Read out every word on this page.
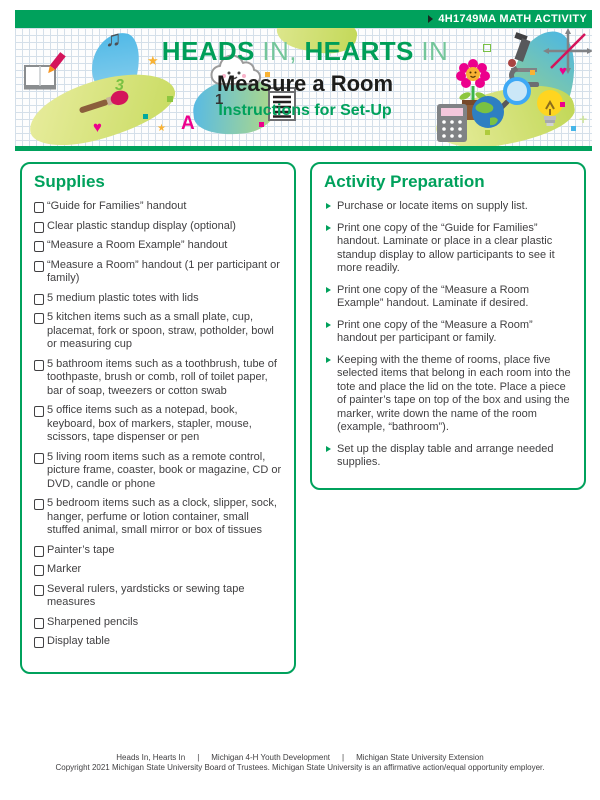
4H1749MA MATH ACTIVITY
♫
★
3
1
A
♥	★
♥
+
HEADS IN, HEARTS IN
Measure a Room
Instructions for Set-Up
Supplies
“Guide for Families” handout
Clear plastic standup display (optional)
“Measure a Room Example” handout
“Measure a Room” handout (1 per participant or family)
5 medium plastic totes with lids
5 kitchen items such as a small plate, cup, placemat, fork or spoon, straw, potholder, bowl or measuring cup
5 bathroom items such as a toothbrush, tube of toothpaste, brush or comb, roll of toilet paper, bar of soap, tweezers or cotton swab
5 office items such as a notepad, book, keyboard, box of markers, stapler, mouse, scissors, tape dispenser or pen
5 living room items such as a remote control, picture frame, coaster, book or magazine, CD or DVD, candle or phone
5 bedroom items such as a clock, slipper, sock, hanger, perfume or lotion container, small stuffed animal, small mirror or box of tissues
Painter’s tape
Marker
Several rulers, yardsticks or sewing tape measures
Sharpened pencils
Display table
Activity Preparation
Purchase or locate items on supply list.
Print one copy of the “Guide for Families” handout. Laminate or place in a clear plastic standup display to allow participants to see it more readily.
Print one copy of the “Measure a Room Example” handout. Laminate if desired.
Print one copy of the “Measure a Room” handout per participant or family.
Keeping with the theme of rooms, place five selected items that belong in each room into the tote and place the lid on the tote. Place a piece of painter’s tape on top of the box and using the marker, write down the name of the room (example, “bathroom”).
Set up the display table and arrange needed supplies.
Heads In, Hearts In | Michigan 4-H Youth Development | Michigan State University Extension
Copyright 2021 Michigan State University Board of Trustees. Michigan State University is an affirmative action/equal opportunity employer.
